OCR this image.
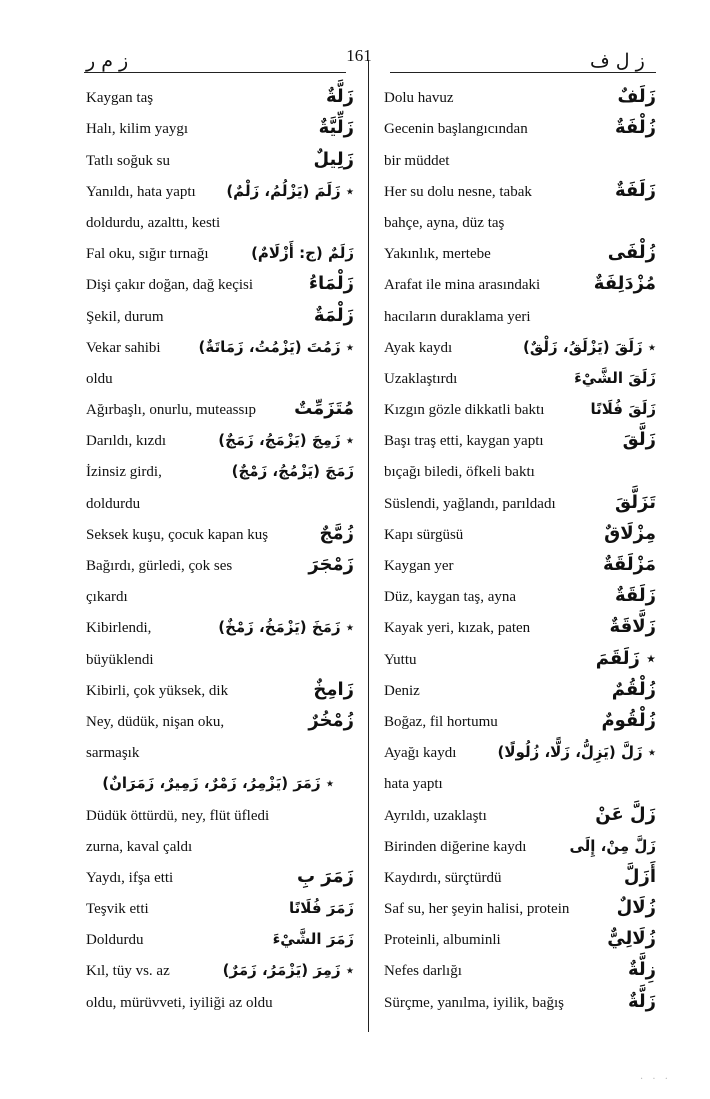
ز م ر	161	ز ل ف
Kaygan taş	زَلَّةٌ
Halı, kilim yaygı	زَلِّيَّةٌ
Tatlı soğuk su	زَلِيلٌ
Yanıldı, hata yaptı ٭ زَلَمَ (يَزْلُمُ، زَلْمٌ)
doldurdu, azalttı, kesti
Fal oku, sığır tırnağı	زَلَمٌ (ج: أَزْلَامٌ)
Dişi çakır doğan, dağ keçisi	زَلْمَاءُ
Şekil, durum	زَلْمَةٌ
Vekar sahibi	٭ زَمُتَ (يَزْمُتُ، زَمَاتَةٌ)
oldu
Ağırbaşlı, onurlu, muteassıp مُتَزَمِّتٌ
Darıldı, kızdı	٭ زَمِجَ (يَزْمَجُ، زَمَجٌ)
İzinsiz girdi,	زَمَجَ (يَزْمُجُ، زَمْجٌ)
doldurdu
Seksek kuşu, çocuk kapan kuş	زُمَّجٌ
Bağırdı, gürledi, çok ses	زَمْجَرَ
çıkardı
Kibirlendi,	٭ زَمَخَ (يَزْمَخُ، زَمْخٌ)
büyüklendi
Kibirli, çok yüksek, dik	زَامِخٌ
Ney, düdük, nişan oku,	زُمْخُرٌ
sarmaşık
٭ زَمَرَ (يَزْمِرُ، زَمْرٌ، زَمِيرٌ، زَمَرَانٌ)
Düdük öttürdü, ney, flüt üfledi
zurna, kaval çaldı
Yaydı, ifşa etti	زَمَرَ بِ
Teşvik etti	زَمَرَ فُلَانًا
Doldurdu	زَمَرَ الشَّيْءَ
Kıl, tüy vs. az	٭ زَمِرَ (يَزْمَرُ، زَمَرٌ)
oldu, mürüvveti, iyiliği az oldu
Dolu havuz	زَلَفٌ
Gecenin başlangıcından	زُلْفَةٌ
bir müddet
Her su dolu nesne, tabak	زَلَفَةٌ
bahçe, ayna, düz taş
Yakınlık, mertebe	زُلْفَى
Arafat ile mina arasındaki	مُزْدَلِفَةٌ
hacıların duraklama yeri
Ayak kaydı	٭ زَلَقَ (يَزْلَقُ، زَلْقٌ)
Uzaklaştırdı	زَلَقَ الشَّيْءَ
Kızgın gözle dikkatli baktı	زَلَقَ فُلَانًا
Başı traş etti, kaygan yaptı	زَلَّقَ
bıçağı biledi, öfkeli baktı
Süslendi, yağlandı, parıldadı	تَزَلَّقَ
Kapı sürgüsü	مِزْلَاقٌ
Kaygan yer	مَزْلَقَةٌ
Düz, kaygan taş, ayna	زَلَقَةٌ
Kayak yeri, kızak, paten	زَلَّاقَةٌ
Yuttu	٭ زَلَقَمَ
Deniz	زُلْقُمٌ
Boğaz, fil hortumu	زُلْقُومٌ
Ayağı kaydı	٭ زَلَّ (يَزِلُّ، زَلًّا، زُلُولًا)
hata yaptı
Ayrıldı, uzaklaştı	زَلَّ عَنْ
Birinden diğerine kaydı	زَلَّ مِنْ، إِلَى
Kaydırdı, sürçtürdü	أَزَلَّ
Saf su, her şeyin halisi, protein	زُلَالٌ
Proteinli, albuminli	زُلَالِيٌّ
Nefes darlığı	زِلَّةٌ
Sürçme, yanılma, iyilik, bağış	زَلَّةٌ
· · ·
